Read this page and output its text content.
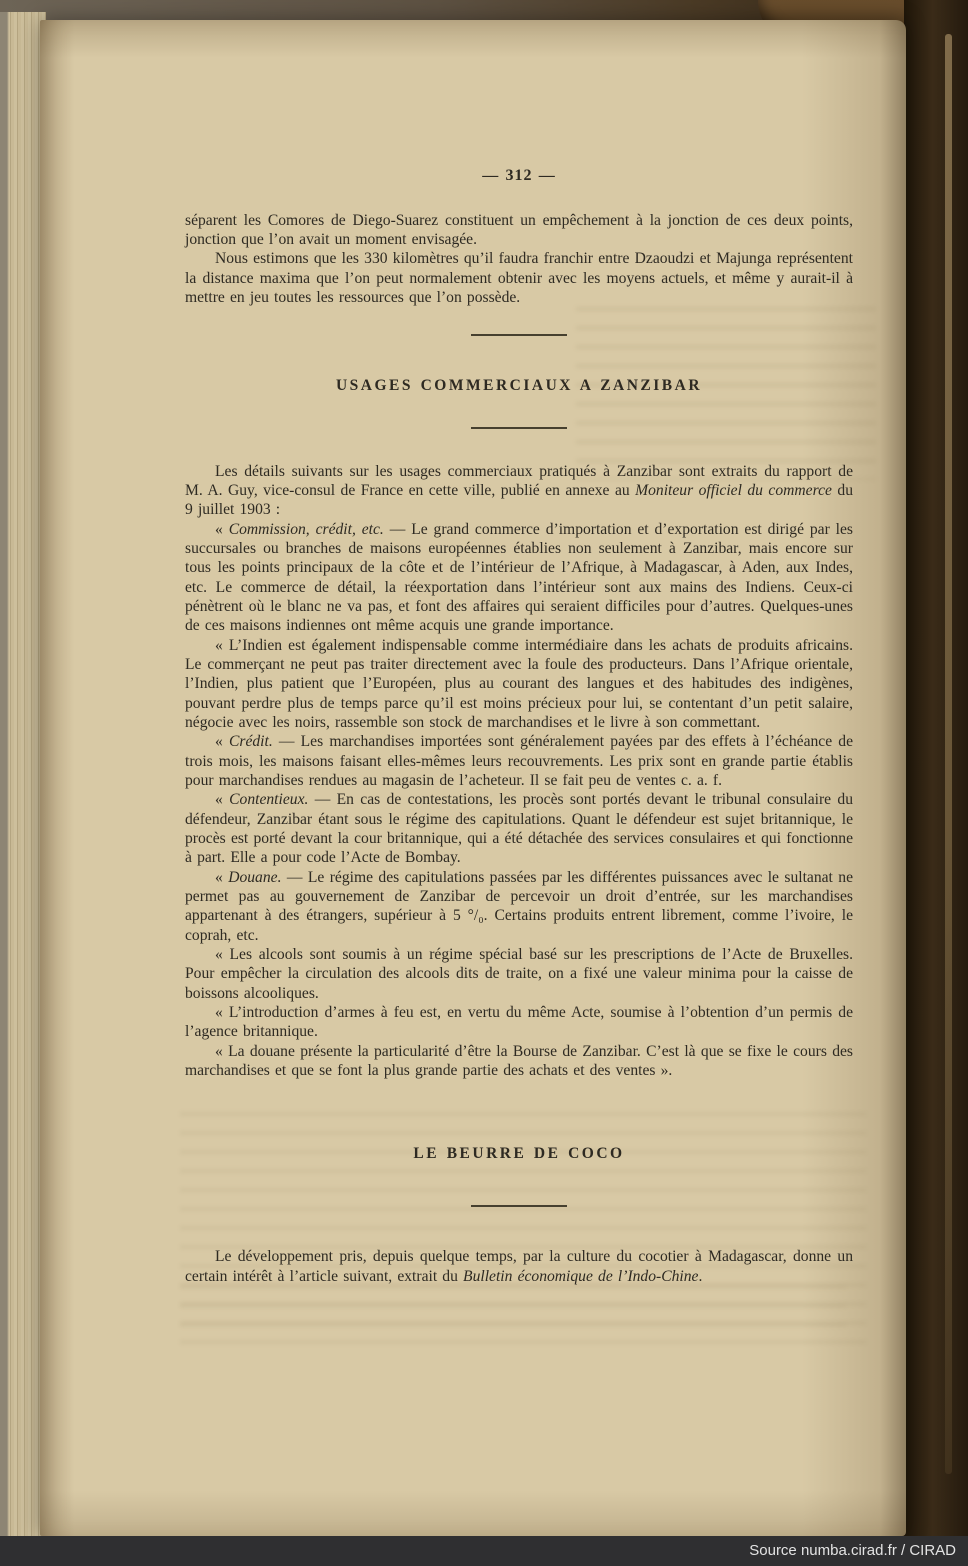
— 312 —

séparent les Comores de Diego-Suarez constituent un empêchement à la jonction de ces deux points, jonction que l’on avait un moment envisagée.

Nous estimons que les 330 kilomètres qu’il faudra franchir entre Dzaoudzi et Majunga représentent la distance maxima que l’on peut normalement obtenir avec les moyens actuels, et même y aurait-il à mettre en jeu toutes les ressources que l’on possède.

USAGES COMMERCIAUX A ZANZIBAR

Les détails suivants sur les usages commerciaux pratiqués à Zanzibar sont extraits du rapport de M. A. Guy, vice-consul de France en cette ville, publié en annexe au Moniteur officiel du commerce du 9 juillet 1903 :

« Commission, crédit, etc. — Le grand commerce d’importation et d’exportation est dirigé par les succursales ou branches de maisons européennes établies non seulement à Zanzibar, mais encore sur tous les points principaux de la côte et de l’intérieur de l’Afrique, à Madagascar, à Aden, aux Indes, etc. Le commerce de détail, la réexportation dans l’intérieur sont aux mains des Indiens. Ceux-ci pénètrent où le blanc ne va pas, et font des affaires qui seraient difficiles pour d’autres. Quelques-unes de ces maisons indiennes ont même acquis une grande importance.

« L’Indien est également indispensable comme intermédiaire dans les achats de produits africains. Le commerçant ne peut pas traiter directement avec la foule des producteurs. Dans l’Afrique orientale, l’Indien, plus patient que l’Européen, plus au courant des langues et des habitudes des indigènes, pouvant perdre plus de temps parce qu’il est moins précieux pour lui, se contentant d’un petit salaire, négocie avec les noirs, rassemble son stock de marchandises et le livre à son commettant.

« Crédit. — Les marchandises importées sont généralement payées par des effets à l’échéance de trois mois, les maisons faisant elles-mêmes leurs recouvrements. Les prix sont en grande partie établis pour marchandises rendues au magasin de l’acheteur. Il se fait peu de ventes c. a. f.

« Contentieux. — En cas de contestations, les procès sont portés devant le tribunal consulaire du défendeur, Zanzibar étant sous le régime des capitulations. Quant le défendeur est sujet britannique, le procès est porté devant la cour britannique, qui a été détachée des services consulaires et qui fonctionne à part. Elle a pour code l’Acte de Bombay.

« Douane. — Le régime des capitulations passées par les différentes puissances avec le sultanat ne permet pas au gouvernement de Zanzibar de percevoir un droit d’entrée, sur les marchandises appartenant à des étrangers, supérieur à 5 °/₀. Certains produits entrent librement, comme l’ivoire, le coprah, etc.

« Les alcools sont soumis à un régime spécial basé sur les prescriptions de l’Acte de Bruxelles. Pour empêcher la circulation des alcools dits de traite, on a fixé une valeur minima pour la caisse de boissons alcooliques.

« L’introduction d’armes à feu est, en vertu du même Acte, soumise à l’obtention d’un permis de l’agence britannique.

« La douane présente la particularité d’être la Bourse de Zanzibar. C’est là que se fixe le cours des marchandises et que se font la plus grande partie des achats et des ventes ».

LE BEURRE DE COCO

Le développement pris, depuis quelque temps, par la culture du cocotier à Madagascar, donne un certain intérêt à l’article suivant, extrait du Bulletin économique de l’Indo-Chine.

Source numba.cirad.fr / CIRAD
